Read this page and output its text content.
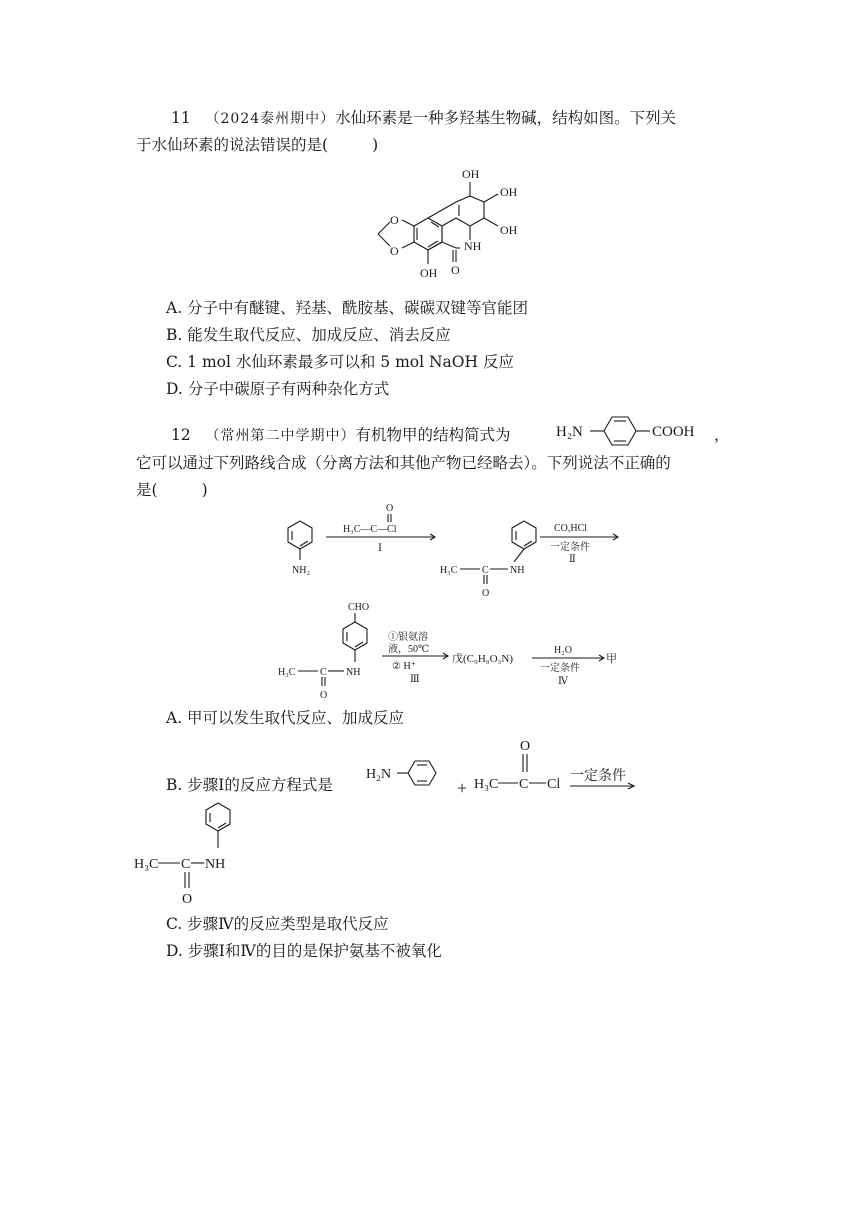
11 （2024泰州期中）水仙环素是一种多羟基生物碱，结构如图。下列关
于水仙环素的说法错误的是(	)
OH
OH
OH
NH
O
OH
O
O
A. 分子中有醚键、羟基、酰胺基、碳碳双键等官能团
B. 能发生取代反应、加成反应、消去反应
C. 1 mol 水仙环素最多可以和 5 mol NaOH 反应
D. 分子中碳原子有两种杂化方式
12 （常州第二中学期中）有机物甲的结构简式为	H₂N	COOH ，
它可以通过下列路线合成（分离方法和其他产物已经略去）。下列说法不正确的
是(	)
NH₂
O
H₃C—C—Cl
Ⅰ
H₃C C NH
O
CO,HCl
一定条件
Ⅱ
CHO
H₃C C NH
O
①银氨溶
液，50℃
② H⁺
Ⅲ
戊(C₉H₉O₃N)
H₂O
一定条件
Ⅳ
甲
A. 甲可以发生取代反应、加成反应
B. 步骤Ⅰ的反应方程式是
H₂N
+
O
H₃C C Cl
一定条件
H₃C C NH
O
C. 步骤Ⅳ的反应类型是取代反应
D. 步骤Ⅰ和Ⅳ的目的是保护氨基不被氧化
